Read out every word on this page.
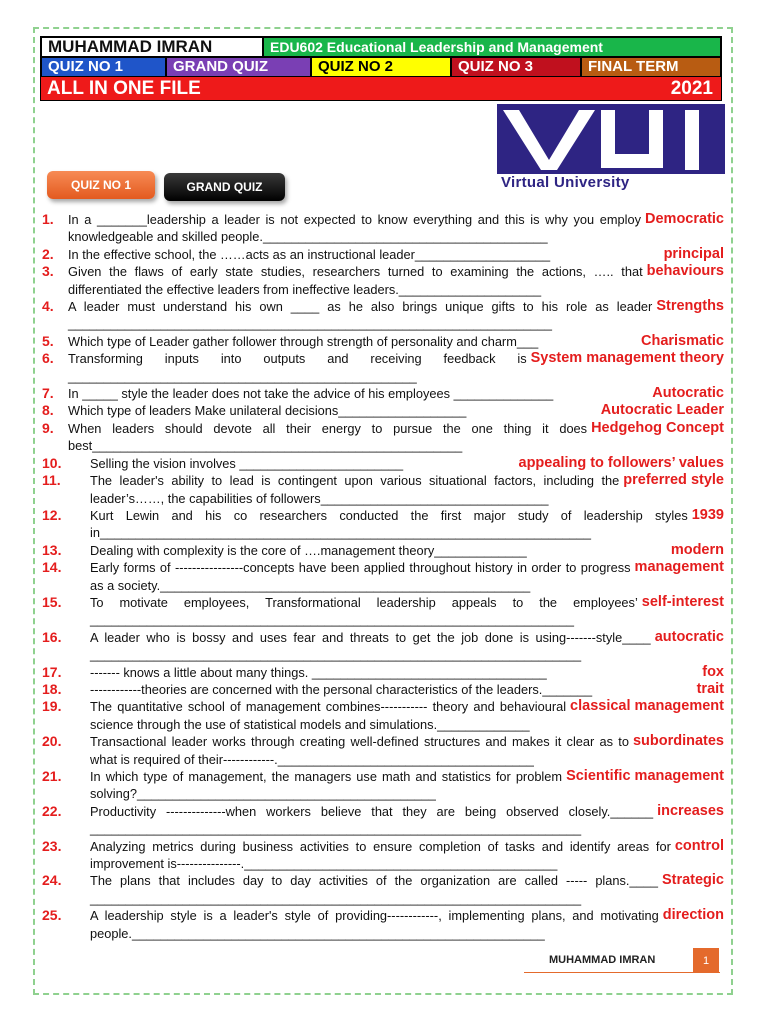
MUHAMMAD IMRAN	EDU602 Educational Leadership and Management
QUIZ NO 1	GRAND QUIZ	QUIZ NO 2	QUIZ NO 3	FINAL TERM
ALL IN ONE FILE	2021
Virtual University
QUIZ NO 1	GRAND QUIZ
1.	Democratic
In a _______leadership a leader is not expected to know everything and this is why you employ knowledgeable and skilled people.________________________________________
2.	principal
In the effective school, the ……acts as an instructional leader___________________
3.	behaviours
Given the flaws of early state studies, researchers turned to examining the actions, ….. that differentiated the effective leaders from ineffective leaders.____________________
4.	Strengths
A leader must understand his own ____ as he also brings unique gifts to his role as leader ____________________________________________________________________
5.	Charismatic
Which type of Leader gather follower through strength of personality and charm___
6.	System management theory
Transforming inputs into outputs and receiving feedback is _________________________________________________
7.	Autocratic
In _____ style the leader does not take the advice of his employees ______________
8.	Autocratic Leader
Which type of leaders Make unilateral decisions__________________
9.	Hedgehog Concept
When leaders should devote all their energy to pursue the one thing it does best____________________________________________________
10.	appealing to followers’ values
Selling the vision involves _______________________
11.	preferred style
The leader's ability to lead is contingent upon various situational factors, including the leader’s……, the capabilities of followers________________________________
12.	1939
Kurt Lewin and his co researchers conducted the first major study of leadership styles in_____________________________________________________________________
13.	modern
Dealing with complexity is the core of ….management theory_____________
14.	management
Early forms of ----------------concepts have been applied throughout history in order to progress as a society.____________________________________________________
15.	self-interest
To motivate employees, Transformational leadership appeals to the employees’ ____________________________________________________________________
16.	autocratic
A leader who is bossy and uses fear and threats to get the job done is using-------style____ _____________________________________________________________________
17.	fox
------- knows a little about many things. _________________________________
18.	trait
------------theories are concerned with the personal characteristics of the leaders._______
19.	classical management
The quantitative school of management combines----------- theory and behavioural science through the use of statistical models and simulations._____________
20.	subordinates
Transactional leader works through creating well-defined structures and makes it clear as to what is required of their------------.____________________________________
21.	Scientific management
In which type of management, the managers use math and statistics for problem solving?__________________________________________
22.	increases
Productivity --------------when workers believe that they are being observed closely.______ _____________________________________________________________________
23.	control
Analyzing metrics during business activities to ensure completion of tasks and identify areas for improvement is---------------.____________________________________________
24.	Strategic
The plans that includes day to day activities of the organization are called ----- plans.____ _____________________________________________________________________
25.	direction
A leadership style is a leader's style of providing------------, implementing plans, and motivating people.__________________________________________________________
MUHAMMAD IMRAN	1
